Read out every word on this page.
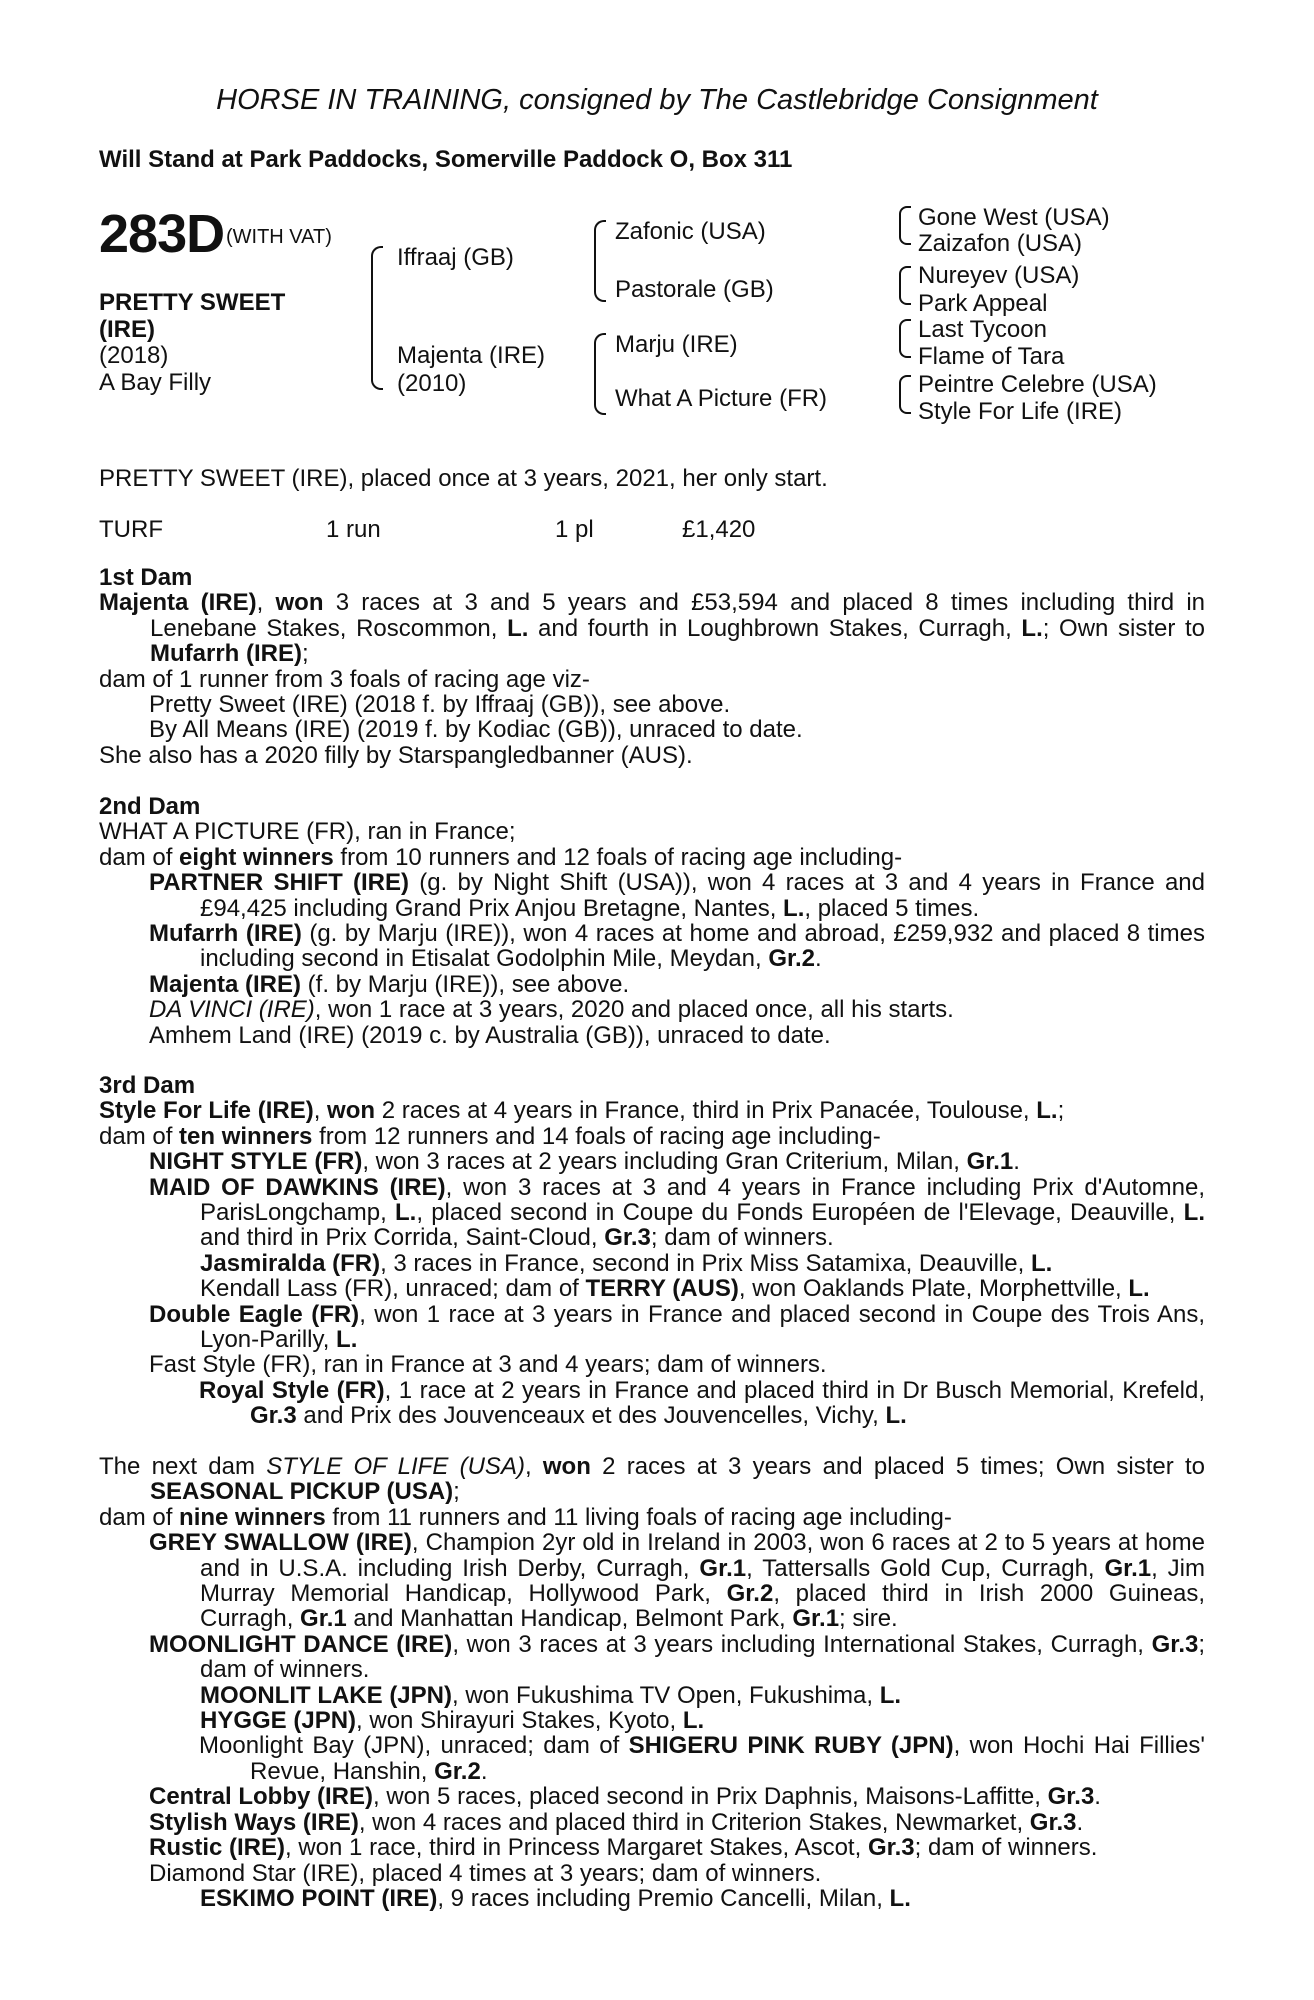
HORSE IN TRAINING, consigned by The Castlebridge Consignment
Will Stand at Park Paddocks, Somerville Paddock O, Box 311
283D (WITH VAT)
PRETTY SWEET
(IRE)
(2018)
A Bay Filly
Iffraaj (GB)
Majenta (IRE)
(2010)
Zafonic (USA)
Pastorale (GB)
Marju (IRE)
What A Picture (FR)
Gone West (USA)
Zaizafon (USA)
Nureyev (USA)
Park Appeal
Last Tycoon
Flame of Tara
Peintre Celebre (USA)
Style For Life (IRE)
PRETTY SWEET (IRE), placed once at 3 years, 2021, her only start.
TURF	1 run	1 pl	£1,420

1st Dam

Majenta (IRE), won 3 races at 3 and 5 years and £53,594 and placed 8 times including third in Lenebane Stakes, Roscommon, L. and fourth in Loughbrown Stakes, Curragh, L.; Own sister to Mufarrh (IRE);

dam of 1 runner from 3 foals of racing age viz-

Pretty Sweet (IRE) (2018 f. by Iffraaj (GB)), see above.

By All Means (IRE) (2019 f. by Kodiac (GB)), unraced to date.

She also has a 2020 filly by Starspangledbanner (AUS).

2nd Dam

WHAT A PICTURE (FR), ran in France;

dam of eight winners from 10 runners and 12 foals of racing age including-

PARTNER SHIFT (IRE) (g. by Night Shift (USA)), won 4 races at 3 and 4 years in France and £94,425 including Grand Prix Anjou Bretagne, Nantes, L., placed 5 times.

Mufarrh (IRE) (g. by Marju (IRE)), won 4 races at home and abroad, £259,932 and placed 8 times including second in Etisalat Godolphin Mile, Meydan, Gr.2.

Majenta (IRE) (f. by Marju (IRE)), see above.

DA VINCI (IRE), won 1 race at 3 years, 2020 and placed once, all his starts.

Amhem Land (IRE) (2019 c. by Australia (GB)), unraced to date.

3rd Dam

Style For Life (IRE), won 2 races at 4 years in France, third in Prix Panacée, Toulouse, L.;

dam of ten winners from 12 runners and 14 foals of racing age including-

NIGHT STYLE (FR), won 3 races at 2 years including Gran Criterium, Milan, Gr.1.

MAID OF DAWKINS (IRE), won 3 races at 3 and 4 years in France including Prix d'Automne, ParisLongchamp, L., placed second in Coupe du Fonds Européen de l'Elevage, Deauville, L. and third in Prix Corrida, Saint-Cloud, Gr.3; dam of winners.

Jasmiralda (FR), 3 races in France, second in Prix Miss Satamixa, Deauville, L.

Kendall Lass (FR), unraced; dam of TERRY (AUS), won Oaklands Plate, Morphettville, L.

Double Eagle (FR), won 1 race at 3 years in France and placed second in Coupe des Trois Ans, Lyon-Parilly, L.

Fast Style (FR), ran in France at 3 and 4 years; dam of winners.

Royal Style (FR), 1 race at 2 years in France and placed third in Dr Busch Memorial, Krefeld, Gr.3 and Prix des Jouvenceaux et des Jouvencelles, Vichy, L.

The next dam STYLE OF LIFE (USA), won 2 races at 3 years and placed 5 times; Own sister to SEASONAL PICKUP (USA);

dam of nine winners from 11 runners and 11 living foals of racing age including-

GREY SWALLOW (IRE), Champion 2yr old in Ireland in 2003, won 6 races at 2 to 5 years at home and in U.S.A. including Irish Derby, Curragh, Gr.1, Tattersalls Gold Cup, Curragh, Gr.1, Jim Murray Memorial Handicap, Hollywood Park, Gr.2, placed third in Irish 2000 Guineas, Curragh, Gr.1 and Manhattan Handicap, Belmont Park, Gr.1; sire.

MOONLIGHT DANCE (IRE), won 3 races at 3 years including International Stakes, Curragh, Gr.3; dam of winners.

MOONLIT LAKE (JPN), won Fukushima TV Open, Fukushima, L.

HYGGE (JPN), won Shirayuri Stakes, Kyoto, L.

Moonlight Bay (JPN), unraced; dam of SHIGERU PINK RUBY (JPN), won Hochi Hai Fillies' Revue, Hanshin, Gr.2.

Central Lobby (IRE), won 5 races, placed second in Prix Daphnis, Maisons-Laffitte, Gr.3.

Stylish Ways (IRE), won 4 races and placed third in Criterion Stakes, Newmarket, Gr.3.

Rustic (IRE), won 1 race, third in Princess Margaret Stakes, Ascot, Gr.3; dam of winners.

Diamond Star (IRE), placed 4 times at 3 years; dam of winners.

ESKIMO POINT (IRE), 9 races including Premio Cancelli, Milan, L.
